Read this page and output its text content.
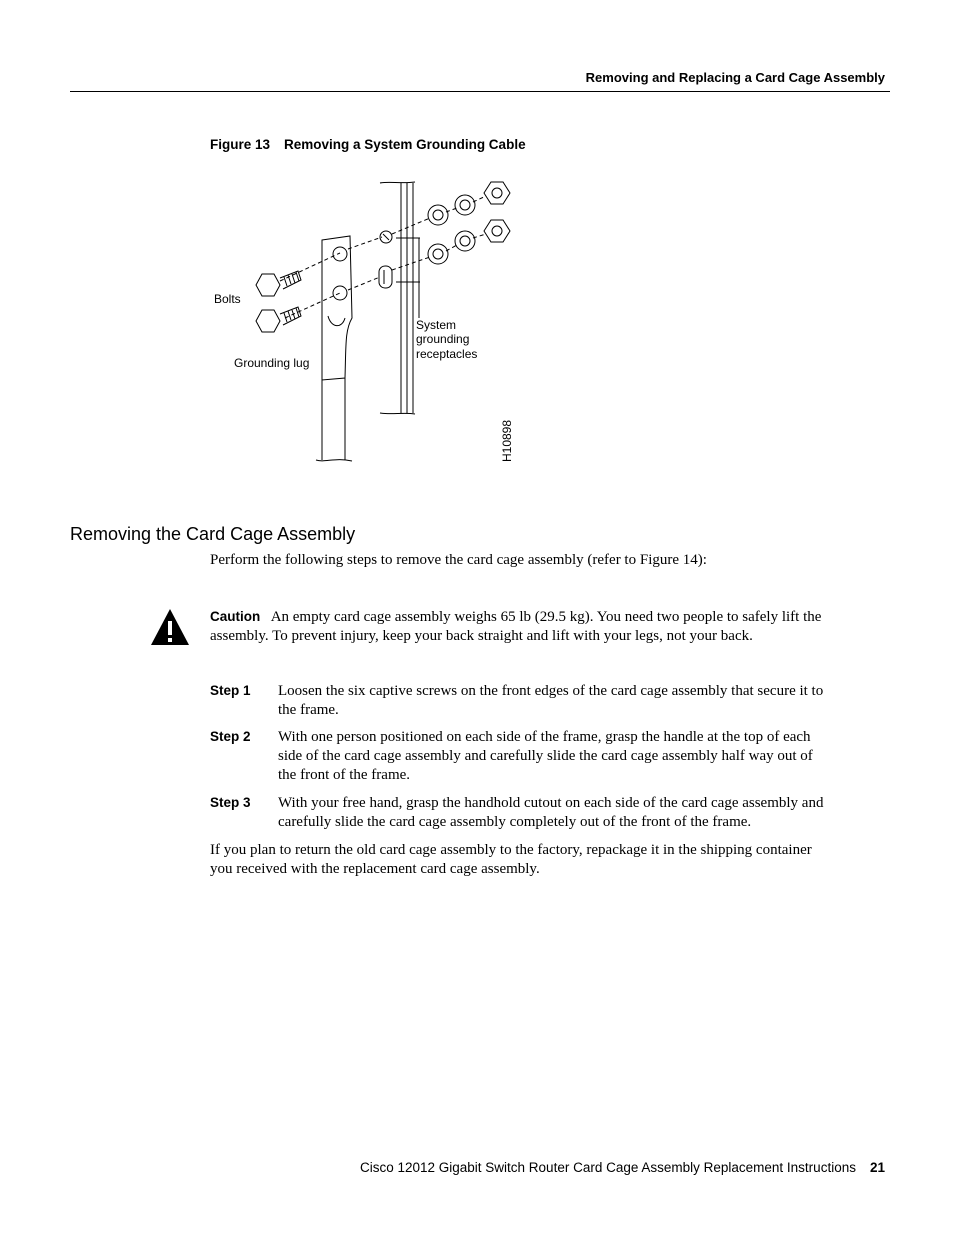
Removing and Replacing a Card Cage Assembly
Figure 13 Removing a System Grounding Cable
Bolts
Grounding lug
System
grounding
receptacles
H10898
Removing the Card Cage Assembly

Perform the following steps to remove the card cage assembly (refer to Figure 14):

Caution An empty card cage assembly weighs 65 lb (29.5 kg). You need two people to safely lift the assembly. To prevent injury, keep your back straight and lift with your legs, not your back.

Step 1 Loosen the six captive screws on the front edges of the card cage assembly that secure it to the frame.
Step 2 With one person positioned on each side of the frame, grasp the handle at the top of each side of the card cage assembly and carefully slide the card cage assembly half way out of the front of the frame.
Step 3 With your free hand, grasp the handhold cutout on each side of the card cage assembly and carefully slide the card cage assembly completely out of the front of the frame.

If you plan to return the old card cage assembly to the factory, repackage it in the shipping container you received with the replacement card cage assembly.

Cisco 12012 Gigabit Switch Router Card Cage Assembly Replacement Instructions 21
